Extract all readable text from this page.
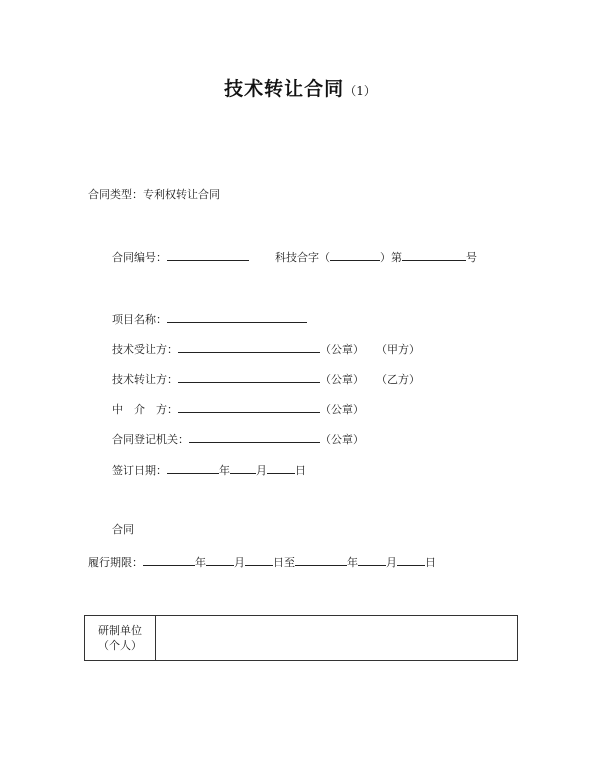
技术转让合同（1）
合同类型：专利权转让合同
合同编号：	科技合字（	）第	号
项目名称：
技术受让方：	（公章） （甲方）
技术转让方：	（公章） （乙方）
中　介　方：	（公章）
合同登记机关：	（公章）
签订日期：	年 月	日
合同
履行期限：	年	月	日至	年	月	日
研制单位
（个人）
